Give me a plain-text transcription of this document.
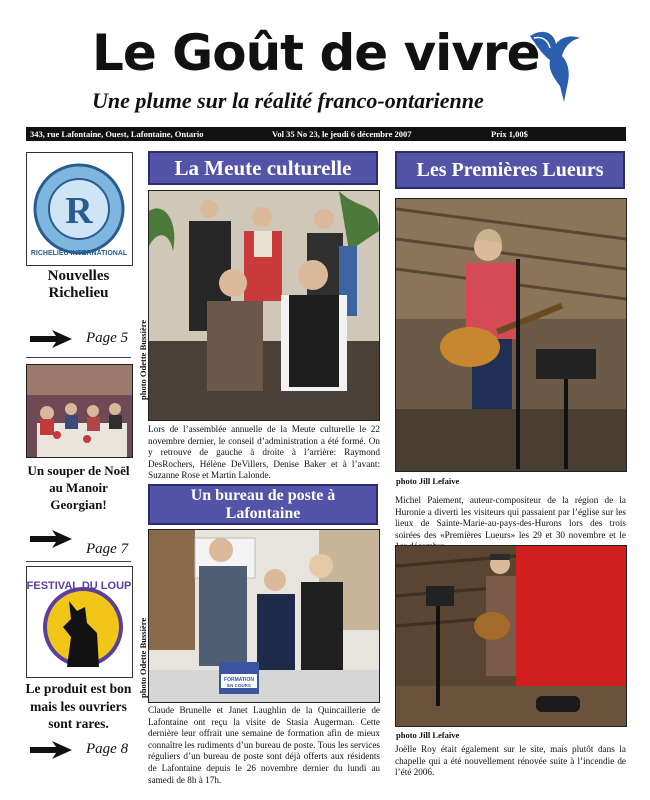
Le Goût de vivre
Une plume sur la réalité franco-ontarienne
343, rue Lafontaine, Ouest, Lafontaine, Ontario	Vol 35 No 23, le jeudi 6 décembre 2007	Prix 1,00$
R
RICHELIEU INTERNATIONAL
Nouvelles
Richelieu
Page 5
Un souper de Noël
au Manoir Georgian!
Page 7
FESTIVAL DU LOUP
Le produit est bon
mais les ouvriers
sont rares.
Page 8
La Meute culturelle
photo Odette Bussière
Lors de l’assemblée annuelle de la Meute culturelle le 22 novembre dernier, le conseil d’administration a été formé. On y retrouve de gauche à droite à l’arrière: Raymond DesRochers, Hélène DeVillers, Denise Baker et à l’avant: Suzanne Rose et Martin Lalonde.
Un bureau de poste à
Lafontaine
FORMATION
EN COURS
photo Odette Bussière
Claude Brunelle et Janet Laughlin de la Quincaillerie de Lafontaine ont reçu la visite de Stasia Augerman. Cette dernière leur offrait une semaine de formation afin de mieux connaître les rudiments d’un bureau de poste. Tous les services réguliers d’un bureau de poste sont déjà offerts aux résidents de Lafontaine depuis le 26 novembre dernier du lundi au samedi de 8h à 17h.
Les Premières Lueurs
photo Jill Lefaive
Michel Paiement, auteur-compositeur de la région de la Huronie a diverti les visiteurs qui passaient par l’église sur les lieux de Sainte-Marie-au-pays-des-Hurons lors des trois soirées des «Premières Lueurs» les 29 et 30 novembre et le
photo Jill Lefaive
Joëlle Roy était également sur le site, mais plutôt dans la chapelle qui a été nouvellement rénovée suite à l’incendie de l’été 2006.
